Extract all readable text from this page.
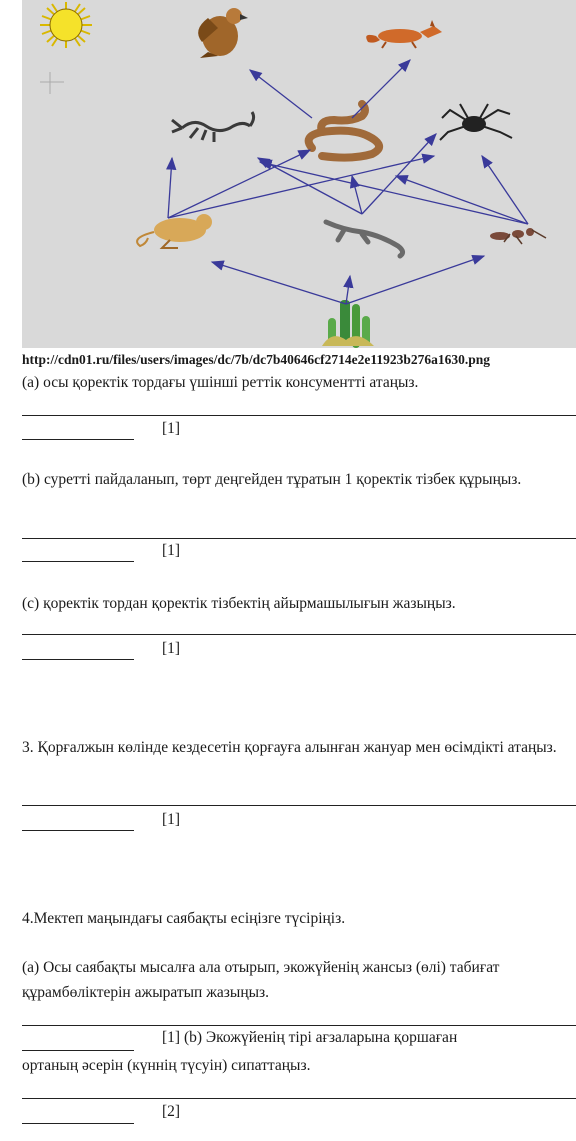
http://cdn01.ru/files/users/images/dc/7b/dc7b40646cf2714e2e11923b276a1630.png
(а) осы қоректік тордағы үшінші реттік консументті атаңыз.
[1]
(b) суретті пайдаланып, төрт деңгейден тұратын 1 қоректік тізбек құрыңыз.
[1]
(с) қоректік тордан қоректік тізбектің айырмашылығын жазыңыз.
[1]
3. Қорғалжын көлінде кездесетін қорғауға алынған жануар мен өсімдікті атаңыз.
[1]
4.Мектеп маңындағы саябақты есіңізге түсіріңіз.
(а) Осы саябақты мысалға ала отырып, экожүйенің жансыз (өлі) табиғат құрамбөліктерін ажыратып жазыңыз.
[1] (b) Экожүйенің тірі ағзаларына қоршаған
ортаның әсерін (күннің түсуін) сипаттаңыз.
[2]
